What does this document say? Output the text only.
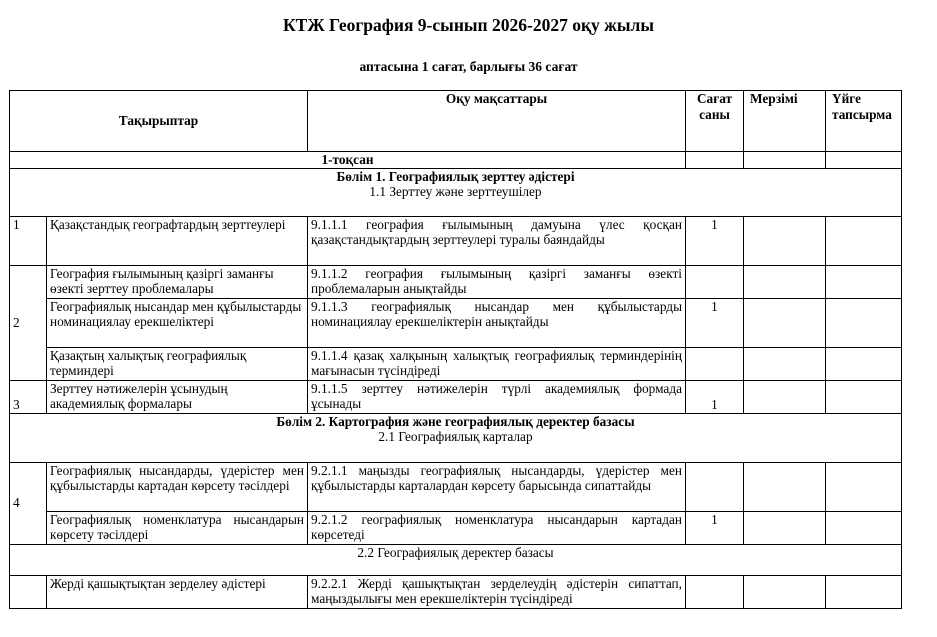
КТЖ География 9-сынып 2026-2027 оқу жылы
аптасына 1 сағат, барлығы 36 сағат
Тақырыптар		Оқу мақсаттары	Сағат саны	Мерзімі	Үйге тапсырма
1-тоқсан					

Бөлім 1. Географиялық зерттеу әдістері
1.1 Зерттеу және зерттеушілер					

1	Қазақстандық географтардың зерттеулері	9.1.1.1 география ғылымының дамуына үлес қосқан қазақстандықтардың зерттеулері туралы баяндайды	1		
2	География ғылымының қазіргі заманғы өзекті зерттеу проблемалары	9.1.1.2 география ғылымының қазіргі заманғы өзекті проблемаларын анықтайды			
	Географиялық нысандар мен құбылыстарды номинациялау ерекшеліктері	9.1.1.3 географиялық нысандар мен құбылыстарды номинациялау ерекшеліктерін анықтайды	1		
	Қазақтың халықтық географиялық терминдері	9.1.1.4 қазақ халқының халықтық географиялық терминдерінің мағынасын түсіндіреді			
3	Зерттеу нәтижелерін ұсынудың академиялық формалары	9.1.1.5 зерттеу нәтижелерін түрлі академиялық формада ұсынады	1		

Бөлім 2. Картография және географиялық деректер базасы
2.1 Географиялық карталар					

4	Географиялық нысандарды, үдерістер мен құбылыстарды картадан көрсету тәсілдері	9.2.1.1 маңызды географиялық нысандарды, үдерістер мен құбылыстарды карталардан көрсету барысында сипаттайды			
	Географиялық номенклатура нысандарын көрсету тәсілдері	9.2.1.2 географиялық номенклатура нысандарын картадан көрсетеді	1		
2.2 Географиялық деректер базасы					
	Жерді қашықтықтан зерделеу әдістері	9.2.2.1 Жерді қашықтықтан зерделеудің әдістерін сипаттап, маңыздылығы мен ерекшеліктерін түсіндіреді			
